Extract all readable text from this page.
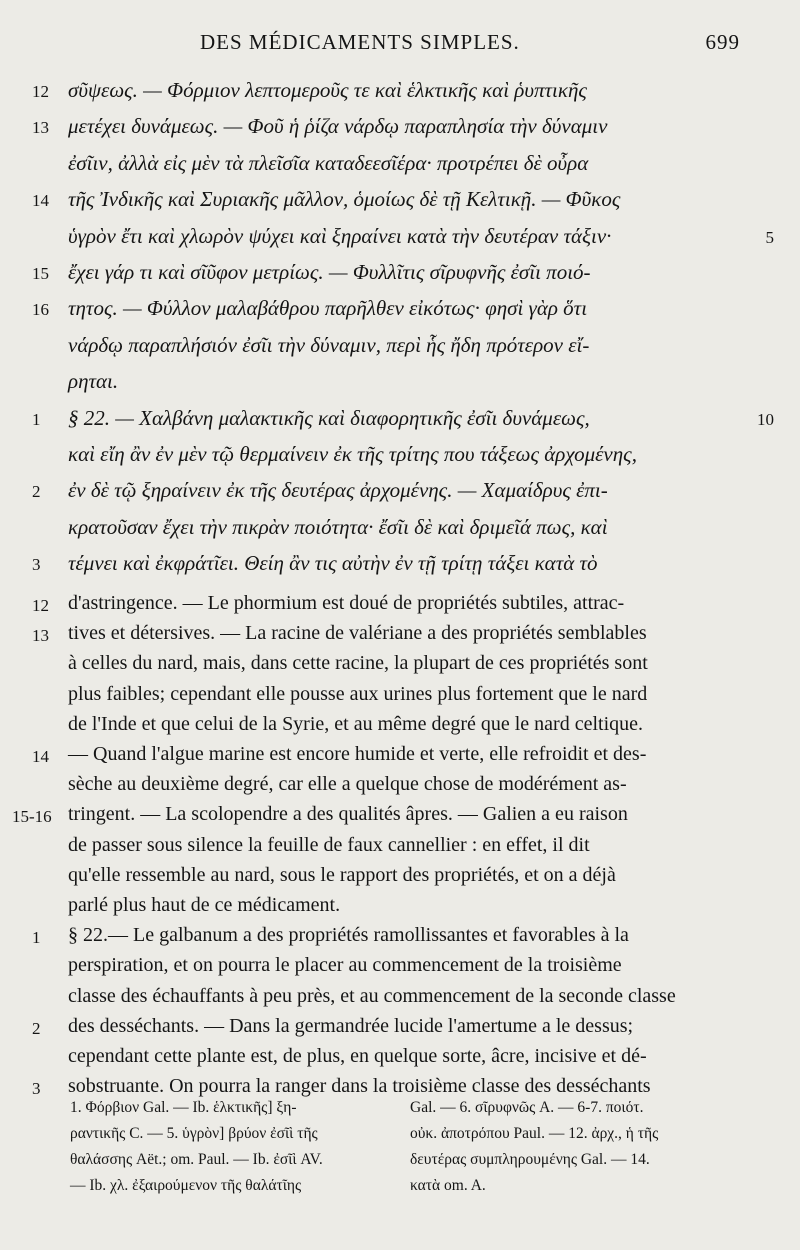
DES MÉDICAMENTS SIMPLES.	699
12 σῦψεως. — Φόρμιον λεπτομεροῦς τε καὶ ἑλκτικῆς καὶ ῥυπτικῆς
13 μετέχει δυνάμεως. — Φοῦ ἡ ῥίζα νάρδῳ παραπλησία τὴν δύναμιν
ἐσῖιν, ἀλλὰ εἰς μὲν τὰ πλεῖσῖα καταδεεσῖέρα· προτρέπει δὲ οὖρα
14 τῆς Ἰνδικῆς καὶ Συριακῆς μᾶλλον, ὁμοίως δὲ τῇ Κελτικῇ. — Φῦκος
ὑγρὸν ἔτι καὶ χλωρὸν ψύχει καὶ ξηραίνει κατὰ τὴν δευτέραν τάξιν·	5
15 ἔχει γάρ τι καὶ σῖῦφον μετρίως. — Φυλλῖτις σῖρυφνῆς ἐσῖι ποιό-
16 τητος. — Φύλλον μαλαβάθρου παρῆλθεν εἰκότως· φησὶ γὰρ ὅτι
νάρδῳ παραπλήσιόν ἐσῖι τὴν δύναμιν, περὶ ἧς ἤδη πρότερον εἴ-
ρηται.
1 § 22. — Χαλβάνη μαλακτικῆς καὶ διαφορητικῆς ἐσῖι δυνάμεως,	10
καὶ εἴη ἂν ἐν μὲν τῷ θερμαίνειν ἐκ τῆς τρίτης που τάξεως ἀρχομένης,
2 ἐν δὲ τῷ ξηραίνειν ἐκ τῆς δευτέρας ἀρχομένης. — Χαμαίδρυς ἐπι-
κρατοῦσαν ἔχει τὴν πικρὰν ποιότητα· ἔσῖι δὲ καὶ δριμεῖά πως, καὶ
3 τέμνει καὶ ἐκφράτῖει. Θείη ἂν τις αὐτὴν ἐν τῇ τρίτῃ τάξει κατὰ τὸ
12 d'astringence. — Le phormium est doué de propriétés subtiles, attrac-
13 tives et détersives. — La racine de valériane a des propriétés semblables
à celles du nard, mais, dans cette racine, la plupart de ces propriétés sont
plus faibles; cependant elle pousse aux urines plus fortement que le nard
de l'Inde et que celui de la Syrie, et au même degré que le nard celtique.
14 — Quand l'algue marine est encore humide et verte, elle refroidit et des-
sèche au deuxième degré, car elle a quelque chose de modérément as-
15-16 tringent. — La scolopendre a des qualités âpres. — Galien a eu raison
de passer sous silence la feuille de faux cannellier : en effet, il dit
qu'elle ressemble au nard, sous le rapport des propriétés, et on a déjà
parlé plus haut de ce médicament.
1 § 22.— Le galbanum a des propriétés ramollissantes et favorables à la
perspiration, et on pourra le placer au commencement de la troisième
classe des échauffants à peu près, et au commencement de la seconde classe
2 des desséchants. — Dans la germandrée lucide l'amertume a le dessus;
cependant cette plante est, de plus, en quelque sorte, âcre, incisive et dé-
3 sobstruante. On pourra la ranger dans la troisième classe des desséchants
1. Φόρβιον Gal. — Ib. ἑλκτικῆς] ξη-
ραντικῆς C. — 5. ὑγρὸν] βρύον ἐσῖὶ τῆς
θαλάσσης Aët.; om. Paul. — Ib. ἐσῖὶ AV.
— Ib. χλ. ἐξαιρούμενον τῆς θαλάτῖης
Gal. — 6. σῖρυφνῶς A. — 6-7. ποιότ.
οὐκ. ἀποτρόπου Paul. — 12. ἀρχ., ἡ τῆς
δευτέρας συμπληρουμένης Gal. — 14.
κατὰ om. A.
